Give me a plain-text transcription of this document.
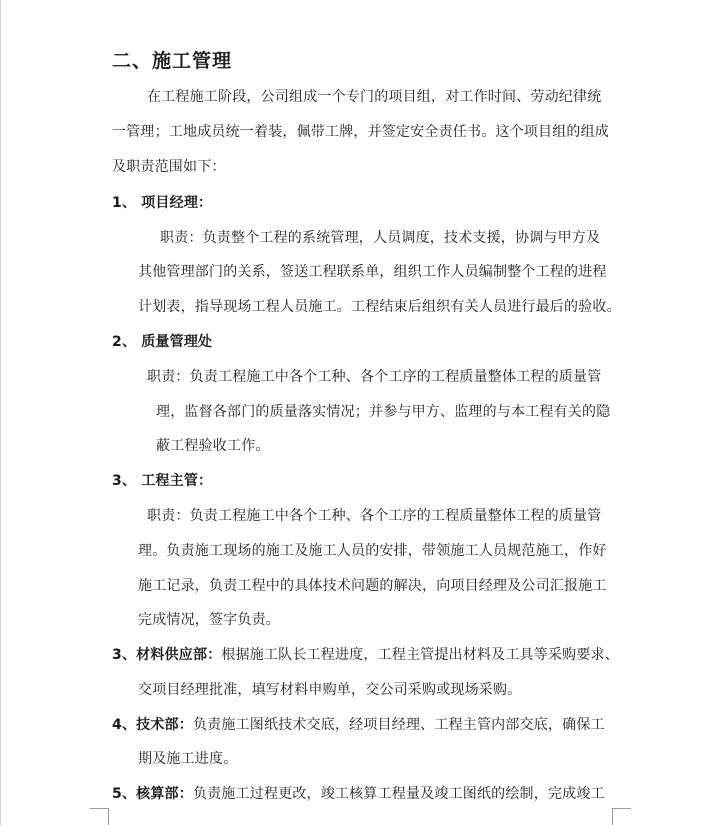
二、施工管理
在工程施工阶段，公司组成一个专门的项目组，对工作时间、劳动纪律统
一管理；工地成员统一着装，佩带工牌，并签定安全责任书。这个项目组的组成
及职责范围如下：
1、 项目经理：
职责：负责整个工程的系统管理，人员调度，技术支援，协调与甲方及
其他管理部门的关系，签送工程联系单，组织工作人员编制整个工程的进程
计划表，指导现场工程人员施工。工程结束后组织有关人员进行最后的验收。
2、 质量管理处
职责：负责工程施工中各个工种、各个工序的工程质量整体工程的质量管
理，监督各部门的质量落实情况；并参与甲方、监理的与本工程有关的隐
蔽工程验收工作。
3、 工程主管：
职责：负责工程施工中各个工种、各个工序的工程质量整体工程的质量管
理。负责施工现场的施工及施工人员的安排，带领施工人员规范施工，作好
施工记录，负责工程中的具体技术问题的解决，向项目经理及公司汇报施工
完成情况，签字负责。
3、材料供应部：根据施工队长工程进度，工程主管提出材料及工具等采购要求、
交项目经理批准，填写材料申购单，交公司采购或现场采购。
4、技术部：负责施工图纸技术交底，经项目经理、工程主管内部交底，确保工
期及施工进度。
5、核算部：负责施工过程更改，竣工核算工程量及竣工图纸的绘制，完成竣工
